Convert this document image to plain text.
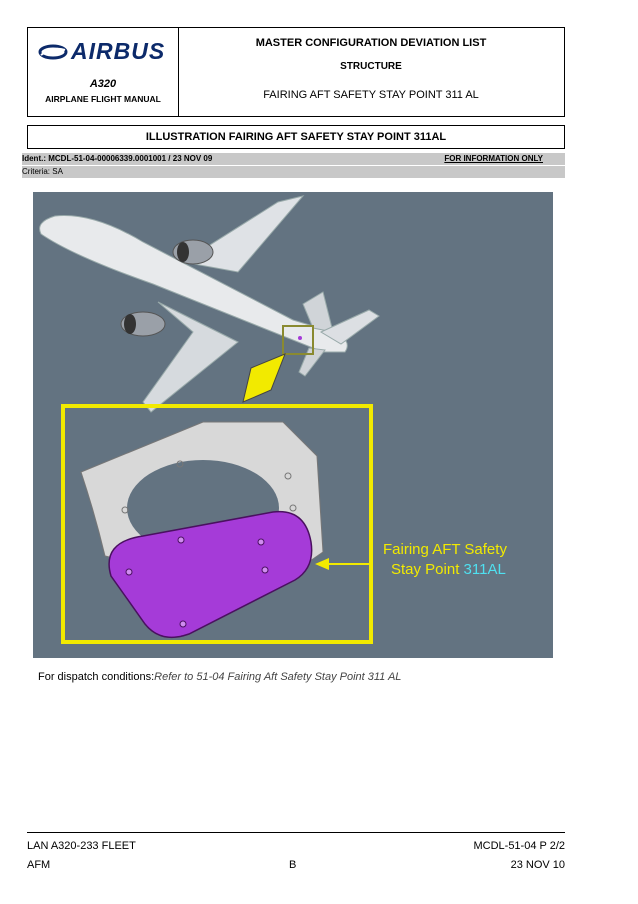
AIRBUS
A320
AIRPLANE FLIGHT MANUAL
MASTER CONFIGURATION DEVIATION LIST
STRUCTURE
FAIRING AFT SAFETY STAY POINT 311 AL
ILLUSTRATION FAIRING AFT SAFETY STAY POINT 311AL
Ident.: MCDL-51-04-00006339.0001001 / 23 NOV 09	FOR INFORMATION ONLY
Criteria: SA
Fairing AFT Safety
Stay Point 311AL
For dispatch conditions:Refer to 51-04 Fairing Aft Safety Stay Point 311 AL
LAN A320-233 FLEET	MCDL-51-04 P 2/2
AFM	B	23 NOV 10
